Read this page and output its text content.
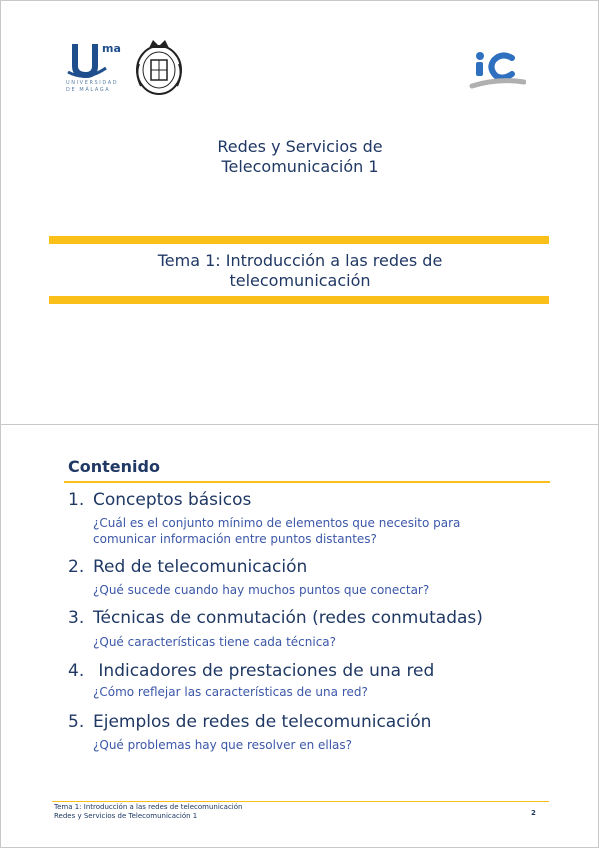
ma
UNIVERSIDAD
DE MÁLAGA
Redes y Servicios de
Telecomunicación 1
Tema 1: Introducción a las redes de
telecomunicación
Contenido
1. Conceptos básicos
¿Cuál es el conjunto mínimo de elementos que necesito para
comunicar información entre puntos distantes?
2. Red de telecomunicación
¿Qué sucede cuando hay muchos puntos que conectar?
3. Técnicas de conmutación (redes conmutadas)
¿Qué características tiene cada técnica?
4. Indicadores de prestaciones de una red
¿Cómo reflejar las características de una red?
5. Ejemplos de redes de telecomunicación
¿Qué problemas hay que resolver en ellas?
Tema 1: Introducción a las redes de telecomunicación
Redes y Servicios de Telecomunicación 1	2
